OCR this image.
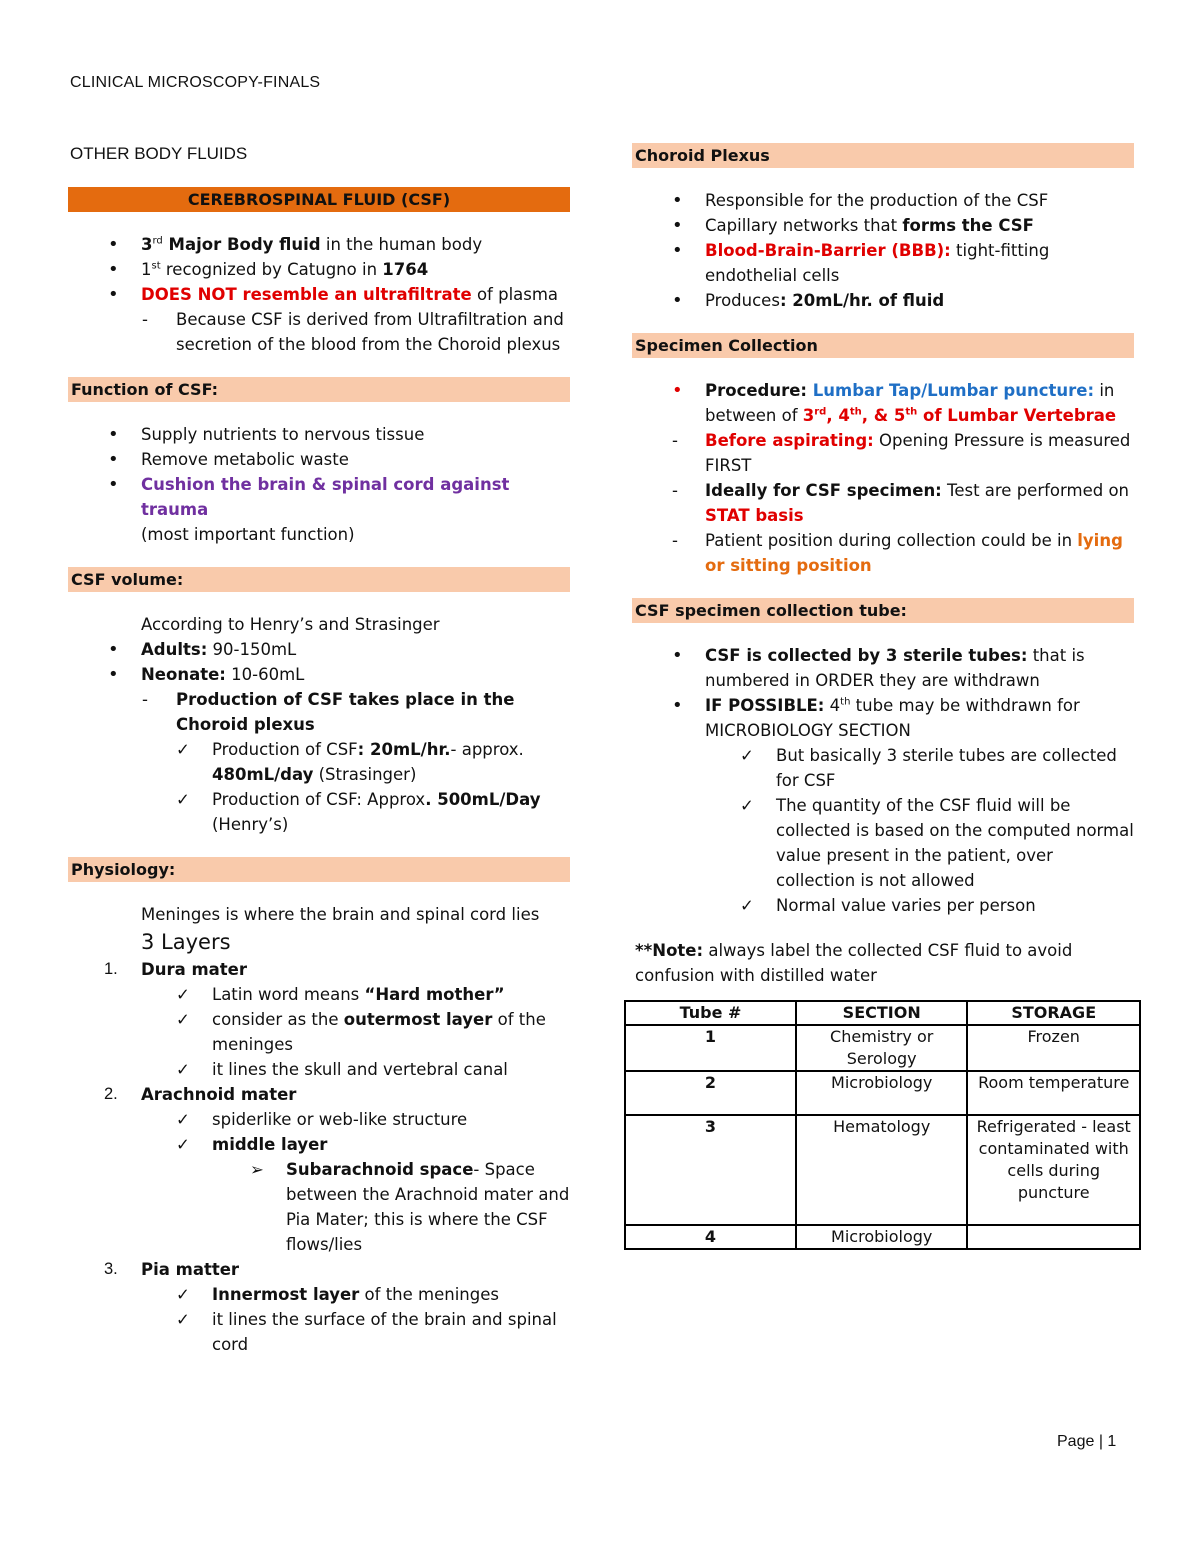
CLINICAL MICROSCOPY-FINALS
OTHER BODY FLUIDS
CEREBROSPINAL FLUID (CSF)
• 3rd Major Body fluid in the human body
• 1st recognized by Catugno in 1764
• DOES NOT resemble an ultrafiltrate of plasma
- Because CSF is derived from Ultrafiltration and secretion of the blood from the Choroid plexus
Function of CSF:
• Supply nutrients to nervous tissue
• Remove metabolic waste
• Cushion the brain & spinal cord against trauma
(most important function)
CSF volume:
According to Henry’s and Strasinger
• Adults: 90-150mL
• Neonate: 10-60mL
- Production of CSF takes place in the Choroid plexus
✓ Production of CSF: 20mL/hr.- approx. 480mL/day (Strasinger)
✓ Production of CSF: Approx. 500mL/Day
(Henry’s)
Physiology:
Meninges is where the brain and spinal cord lies
3 Layers
1. Dura mater
✓ Latin word means “Hard mother”
✓ consider as the outermost layer of the meninges
✓ it lines the skull and vertebral canal
2. Arachnoid mater
✓ spiderlike or web-like structure
✓ middle layer
➢ Subarachnoid space- Space between the Arachnoid mater and Pia Mater; this is where the CSF flows/lies
3. Pia matter
✓ Innermost layer of the meninges
✓ it lines the surface of the brain and spinal cord
Choroid Plexus
• Responsible for the production of the CSF
• Capillary networks that forms the CSF
• Blood-Brain-Barrier (BBB): tight-fitting endothelial cells
• Produces: 20mL/hr. of fluid
Specimen Collection
• Procedure: Lumbar Tap/Lumbar puncture: in between of 3rd, 4th, & 5th of Lumbar Vertebrae
- Before aspirating: Opening Pressure is measured FIRST
- Ideally for CSF specimen: Test are performed on STAT basis
- Patient position during collection could be in lying or sitting position
CSF specimen collection tube:
• CSF is collected by 3 sterile tubes: that is numbered in ORDER they are withdrawn
• IF POSSIBLE: 4th tube may be withdrawn for MICROBIOLOGY SECTION
✓ But basically 3 sterile tubes are collected for CSF
✓ The quantity of the CSF fluid will be collected is based on the computed normal value present in the patient, over collection is not allowed
✓ Normal value varies per person
**Note: always label the collected CSF fluid to avoid confusion with distilled water
Tube #	SECTION	STORAGE
1	Chemistry or Serology	Frozen
2	Microbiology	Room temperature
3	Hematology	Refrigerated - least contaminated with cells during puncture
4	Microbiology	
Page | 1
